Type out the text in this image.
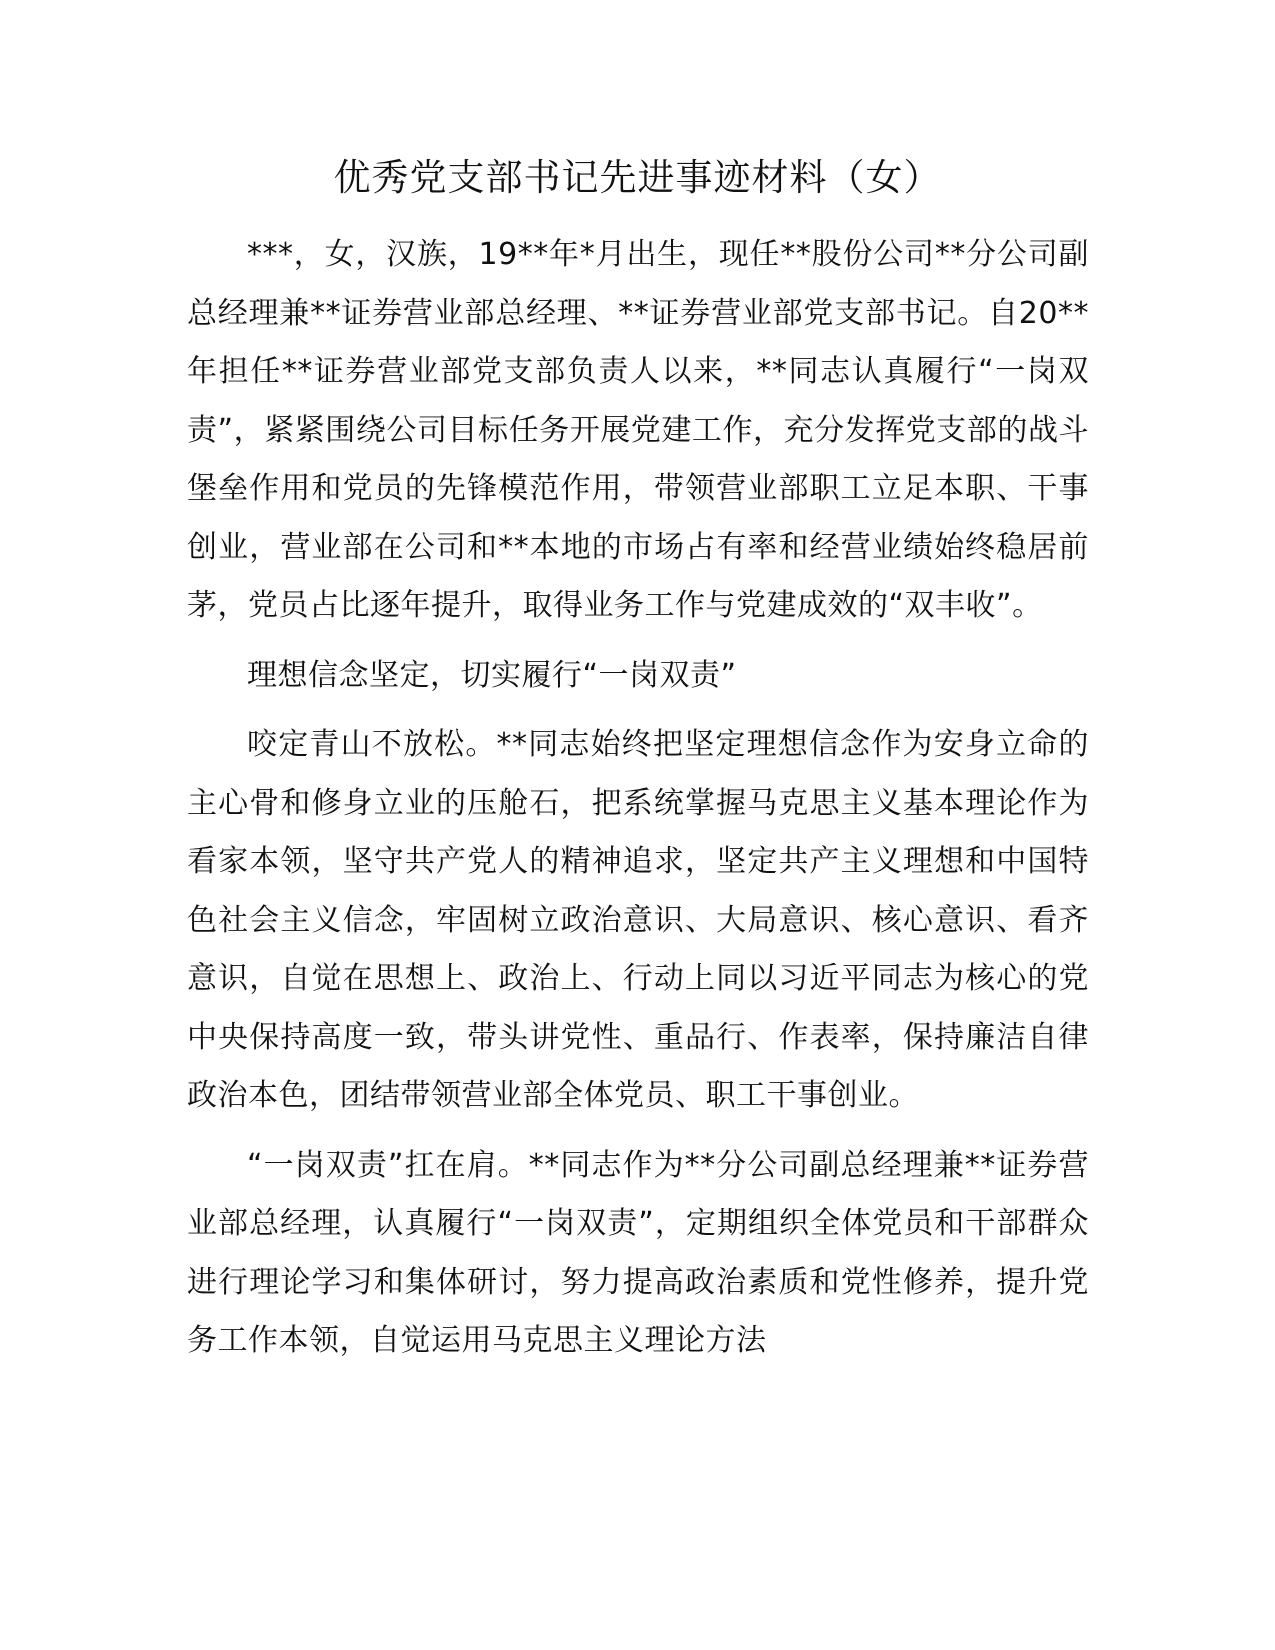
优秀党支部书记先进事迹材料（女）

***，女，汉族，19**年*月出生，现任**股份公司**分公司副总经理兼**证券营业部总经理、**证券营业部党支部书记。自20**年担任**证券营业部党支部负责人以来，**同志认真履行“一岗双责”，紧紧围绕公司目标任务开展党建工作，充分发挥党支部的战斗堡垒作用和党员的先锋模范作用，带领营业部职工立足本职、干事创业，营业部在公司和**本地的市场占有率和经营业绩始终稳居前茅，党员占比逐年提升，取得业务工作与党建成效的“双丰收”。

理想信念坚定，切实履行“一岗双责”

咬定青山不放松。**同志始终把坚定理想信念作为安身立命的主心骨和修身立业的压舱石，把系统掌握马克思主义基本理论作为看家本领，坚守共产党人的精神追求，坚定共产主义理想和中国特色社会主义信念，牢固树立政治意识、大局意识、核心意识、看齐意识，自觉在思想上、政治上、行动上同以习近平同志为核心的党中央保持高度一致，带头讲党性、重品行、作表率，保持廉洁自律政治本色，团结带领营业部全体党员、职工干事创业。

“一岗双责”扛在肩。**同志作为**分公司副总经理兼**证券营业部总经理，认真履行“一岗双责”，定期组织全体党员和干部群众进行理论学习和集体研讨，努力提高政治素质和党性修养，提升党务工作本领，自觉运用马克思主义理论方法
